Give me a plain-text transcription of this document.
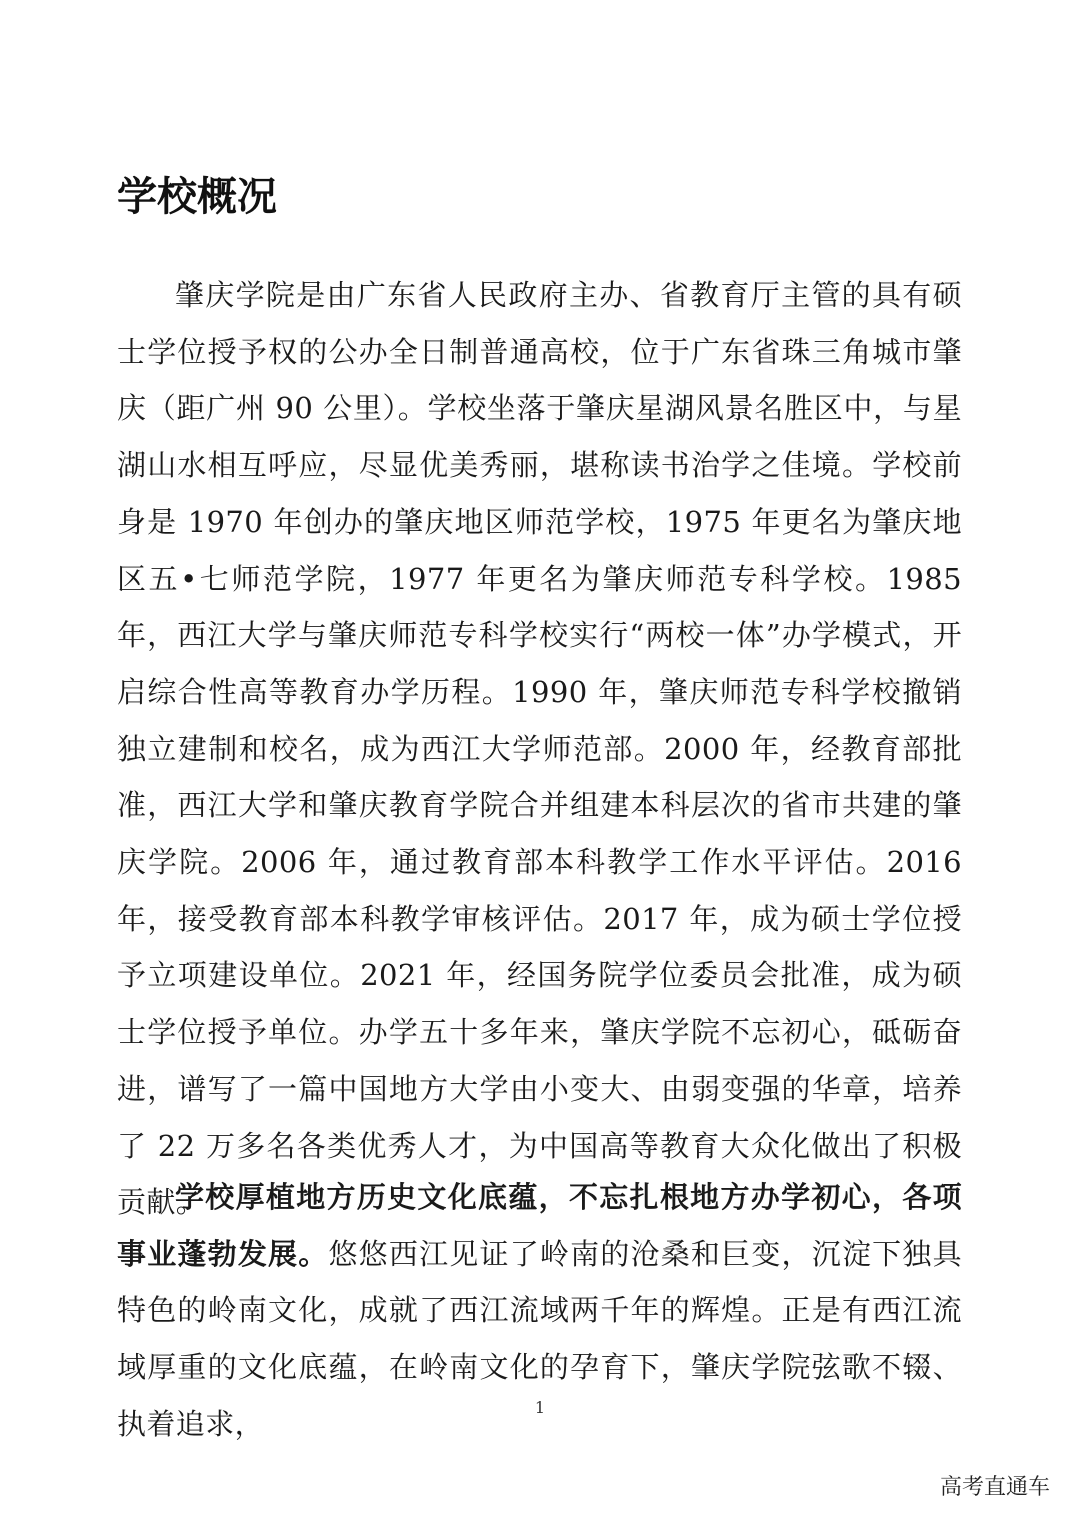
学校概况

肇庆学院是由广东省人民政府主办、省教育厅主管的具有硕士学位授予权的公办全日制普通高校，位于广东省珠三角城市肇庆（距广州 90 公里）。学校坐落于肇庆星湖风景名胜区中，与星湖山水相互呼应，尽显优美秀丽，堪称读书治学之佳境。学校前身是 1970 年创办的肇庆地区师范学校，1975 年更名为肇庆地区五•七师范学院，1977 年更名为肇庆师范专科学校。1985 年，西江大学与肇庆师范专科学校实行“两校一体”办学模式，开启综合性高等教育办学历程。1990 年，肇庆师范专科学校撤销独立建制和校名，成为西江大学师范部。2000 年，经教育部批准，西江大学和肇庆教育学院合并组建本科层次的省市共建的肇庆学院。2006 年，通过教育部本科教学工作水平评估。2016 年，接受教育部本科教学审核评估。2017 年，成为硕士学位授予立项建设单位。2021 年，经国务院学位委员会批准，成为硕士学位授予单位。办学五十多年来，肇庆学院不忘初心，砥砺奋进，谱写了一篇中国地方大学由小变大、由弱变强的华章，培养了 22 万多名各类优秀人才，为中国高等教育大众化做出了积极贡献。

学校厚植地方历史文化底蕴，不忘扎根地方办学初心，各项事业蓬勃发展。悠悠西江见证了岭南的沧桑和巨变，沉淀下独具特色的岭南文化，成就了西江流域两千年的辉煌。正是有西江流域厚重的文化底蕴，在岭南文化的孕育下，肇庆学院弦歌不辍、执着追求，	1
高考直通车
